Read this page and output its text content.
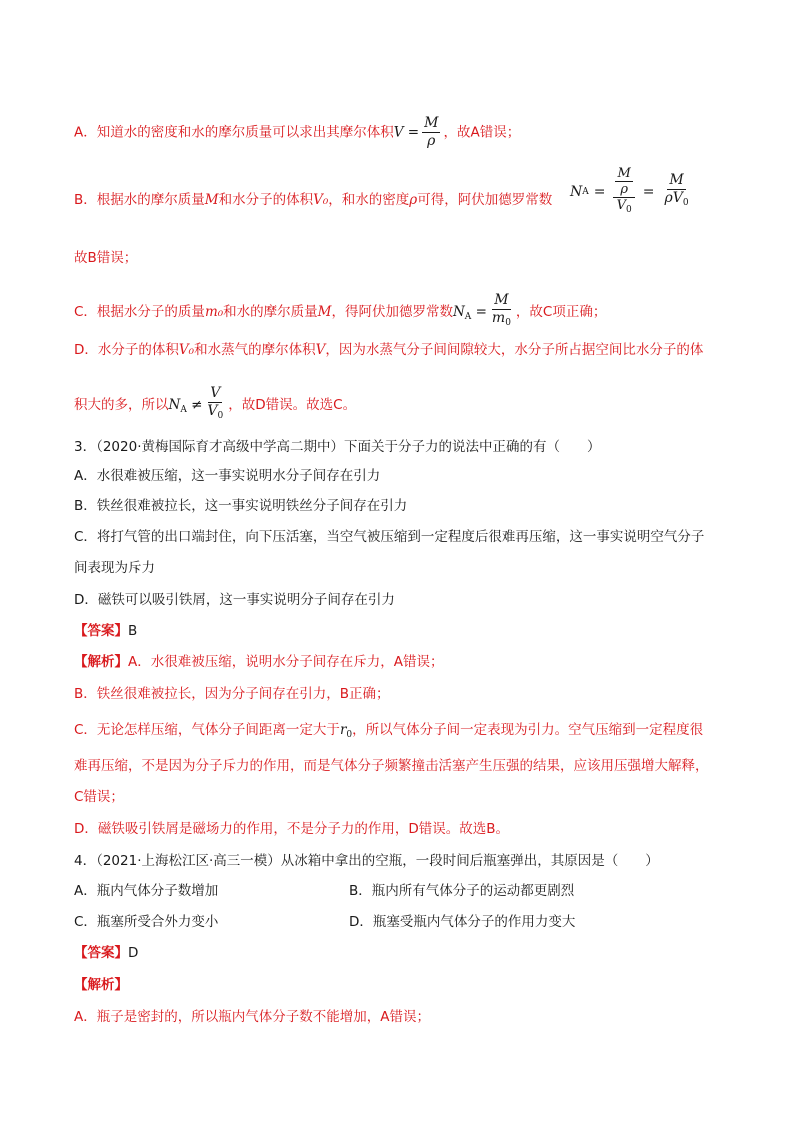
A．知道水的密度和水的摩尔质量可以求出其摩尔体积$V = \frac{M}{\rho}$ ，故A错误；
B．根据水的摩尔质量M和水分子的体积V₀，和水的密度ρ可得，阿伏加德罗常数 N A = M
ρ
$V_0 = \frac{M}{\rho V_0}$
故B错误；
C．根据水分子的质量m₀和水的摩尔质量M，得阿伏加德罗常数$N_A = \frac{M}{m_0}$ ，故C项正确；
D．水分子的体积V₀和水蒸气的摩尔体积V，因为水蒸气分子间间隙较大，水分子所占据空间比水分子的体
积大的多，所以$N_A \ne \frac{V}{V_0}$ ，故D错误。故选C。
3．（2020·黄梅国际育才高级中学高二期中）下面关于分子力的说法中正确的有（　　）
A．水很难被压缩，这一事实说明水分子间存在引力
B．铁丝很难被拉长，这一事实说明铁丝分子间存在引力
C．将打气管的出口端封住，向下压活塞，当空气被压缩到一定程度后很难再压缩，这一事实说明空气分子
间表现为斥力
D．磁铁可以吸引铁屑，这一事实说明分子间存在引力
【答案】B
【解析】A．水很难被压缩，说明水分子间存在斥力，A错误；
B．铁丝很难被拉长，因为分子间存在引力，B正确；
C．无论怎样压缩，气体分子间距离一定大于$r_0$，所以气体分子间一定表现为引力。空气压缩到一定程度很
难再压缩，不是因为分子斥力的作用，而是气体分子频繁撞击活塞产生压强的结果，应该用压强增大解释，
C错误；
D．磁铁吸引铁屑是磁场力的作用，不是分子力的作用，D错误。故选B。
4．（2021·上海松江区·高三一模）从冰箱中拿出的空瓶，一段时间后瓶塞弹出，其原因是（　　）
A．瓶内气体分子数增加	B．瓶内所有气体分子的运动都更剧烈
C．瓶塞所受合外力变小	D．瓶塞受瓶内气体分子的作用力变大
【答案】D
【解析】
A．瓶子是密封的，所以瓶内气体分子数不能增加，A错误；
